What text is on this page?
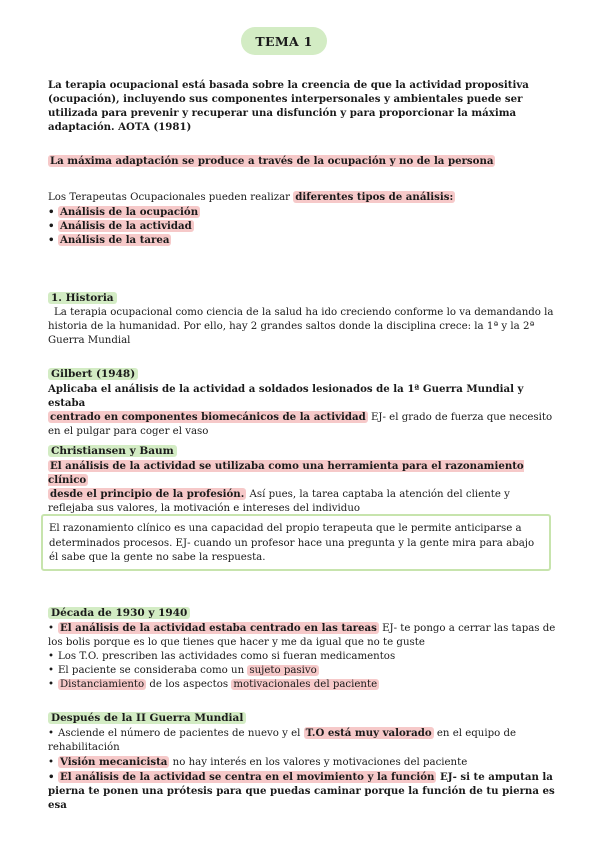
TEMA 1
La terapia ocupacional está basada sobre la creencia de que la actividad propositiva (ocupación), incluyendo sus componentes interpersonales y ambientales puede ser utilizada para prevenir y recuperar una disfunción y para proporcionar la máxima adaptación. AOTA (1981)
La máxima adaptación se produce a través de la ocupación y no de la persona
Los Terapeutas Ocupacionales pueden realizar diferentes tipos de análisis:
• Análisis de la ocupación
• Análisis de la actividad
• Análisis de la tarea
1. Historia
La terapia ocupacional como ciencia de la salud ha ido creciendo conforme lo va demandando la historia de la humanidad. Por ello, hay 2 grandes saltos donde la disciplina crece: la 1ª y la 2ª Guerra Mundial
Gilbert (1948)
Aplicaba el análisis de la actividad a soldados lesionados de la 1ª Guerra Mundial y estaba
centrado en componentes biomecánicos de la actividad EJ- el grado de fuerza que necesito
en el pulgar para coger el vaso
Christiansen y Baum
El análisis de la actividad se utilizaba como una herramienta para el razonamiento clínico
desde el principio de la profesión. Así pues, la tarea captaba la atención del cliente y
reflejaba sus valores, la motivación e intereses del individuo
El razonamiento clínico es una capacidad del propio terapeuta que le permite anticiparse a determinados procesos. EJ- cuando un profesor hace una pregunta y la gente mira para abajo él sabe que la gente no sabe la respuesta.
Década de 1930 y 1940
• El análisis de la actividad estaba centrado en las tareas EJ- te pongo a cerrar las tapas de los bolis porque es lo que tienes que hacer y me da igual que no te guste
• Los T.O. prescriben las actividades como si fueran medicamentos
• El paciente se consideraba como un sujeto pasivo
• Distanciamiento de los aspectos motivacionales del paciente
Después de la II Guerra Mundial
• Asciende el número de pacientes de nuevo y el T.O está muy valorado en el equipo de rehabilitación
• Visión mecanicista no hay interés en los valores y motivaciones del paciente
• El análisis de la actividad se centra en el movimiento y la función EJ- si te amputan la pierna te ponen una prótesis para que puedas caminar porque la función de tu pierna es esa
